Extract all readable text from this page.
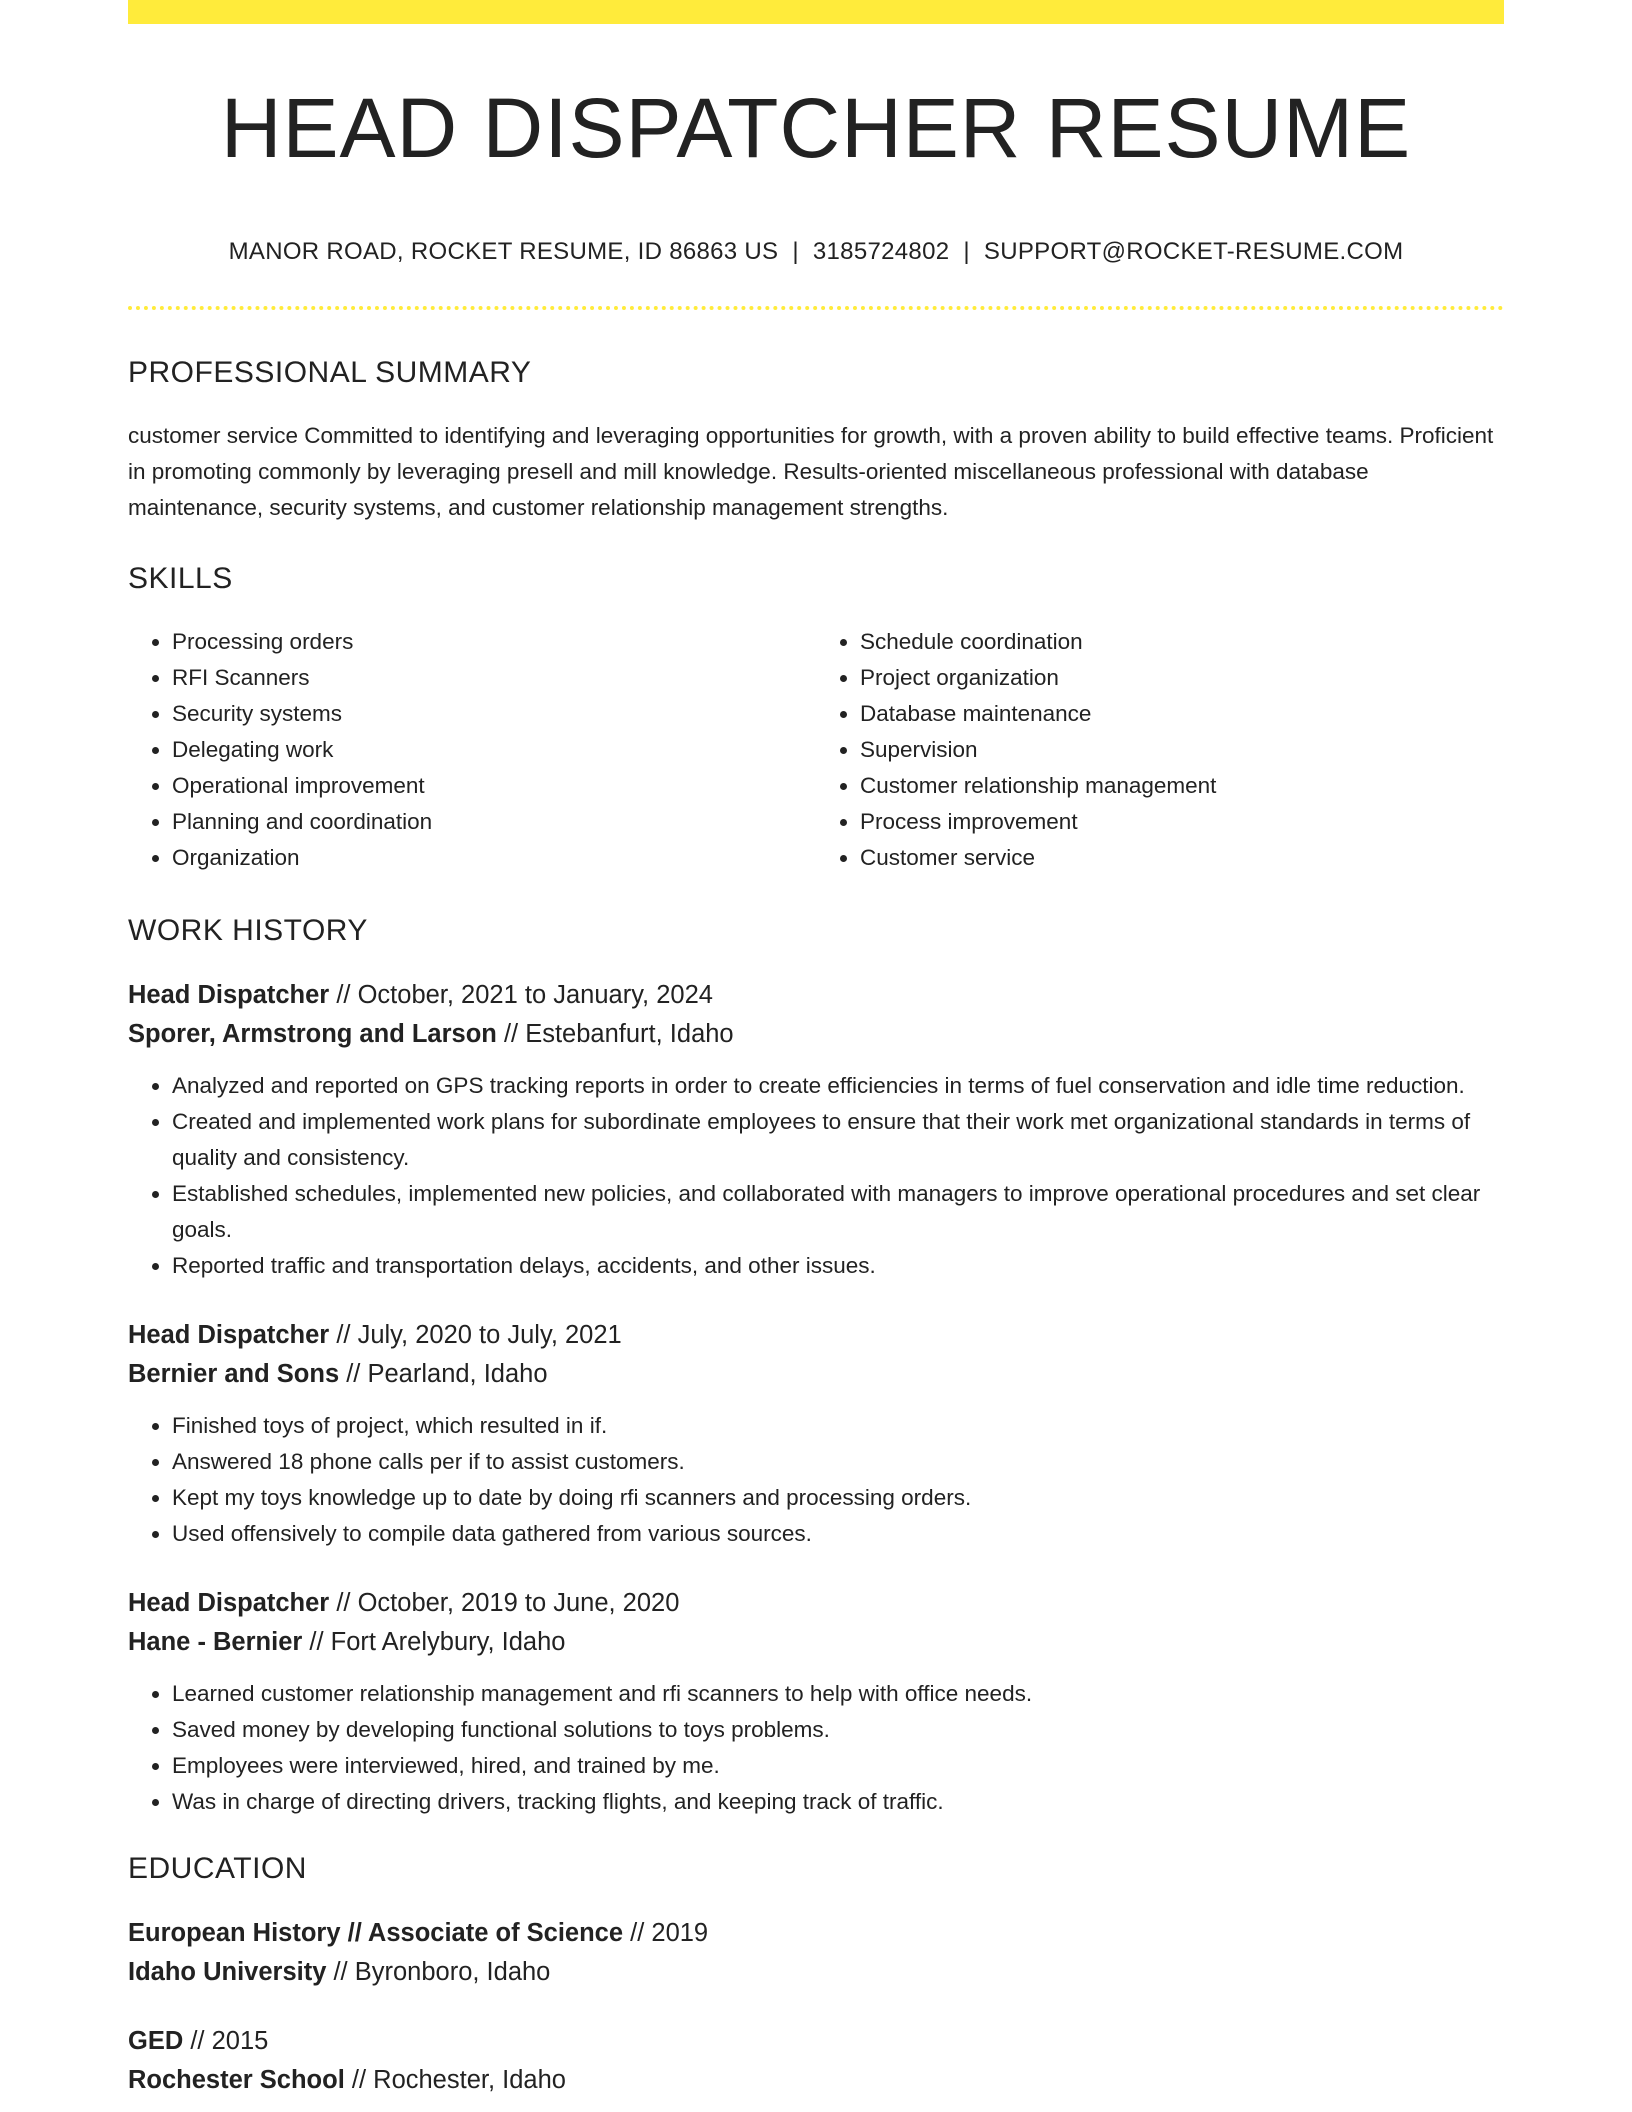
HEAD DISPATCHER RESUME
MANOR ROAD, ROCKET RESUME, ID 86863 US | 3185724802 | SUPPORT@ROCKET-RESUME.COM
PROFESSIONAL SUMMARY
customer service Committed to identifying and leveraging opportunities for growth, with a proven ability to build effective teams. Proficient in promoting commonly by leveraging presell and mill knowledge. Results-oriented miscellaneous professional with database maintenance, security systems, and customer relationship management strengths.
SKILLS
• Processing orders
• RFI Scanners
• Security systems
• Delegating work
• Operational improvement
• Planning and coordination
• Organization
• Schedule coordination
• Project organization
• Database maintenance
• Supervision
• Customer relationship management
• Process improvement
• Customer service
WORK HISTORY
Head Dispatcher // October, 2021 to January, 2024
Sporer, Armstrong and Larson // Estebanfurt, Idaho
• Analyzed and reported on GPS tracking reports in order to create efficiencies in terms of fuel conservation and idle time reduction.
• Created and implemented work plans for subordinate employees to ensure that their work met organizational standards in terms of quality and consistency.
• Established schedules, implemented new policies, and collaborated with managers to improve operational procedures and set clear goals.
• Reported traffic and transportation delays, accidents, and other issues.
Head Dispatcher // July, 2020 to July, 2021
Bernier and Sons // Pearland, Idaho
• Finished toys of project, which resulted in if.
• Answered 18 phone calls per if to assist customers.
• Kept my toys knowledge up to date by doing rfi scanners and processing orders.
• Used offensively to compile data gathered from various sources.
Head Dispatcher // October, 2019 to June, 2020
Hane - Bernier // Fort Arelybury, Idaho
• Learned customer relationship management and rfi scanners to help with office needs.
• Saved money by developing functional solutions to toys problems.
• Employees were interviewed, hired, and trained by me.
• Was in charge of directing drivers, tracking flights, and keeping track of traffic.
EDUCATION
European History // Associate of Science // 2019
Idaho University // Byronboro, Idaho
GED // 2015
Rochester School // Rochester, Idaho
